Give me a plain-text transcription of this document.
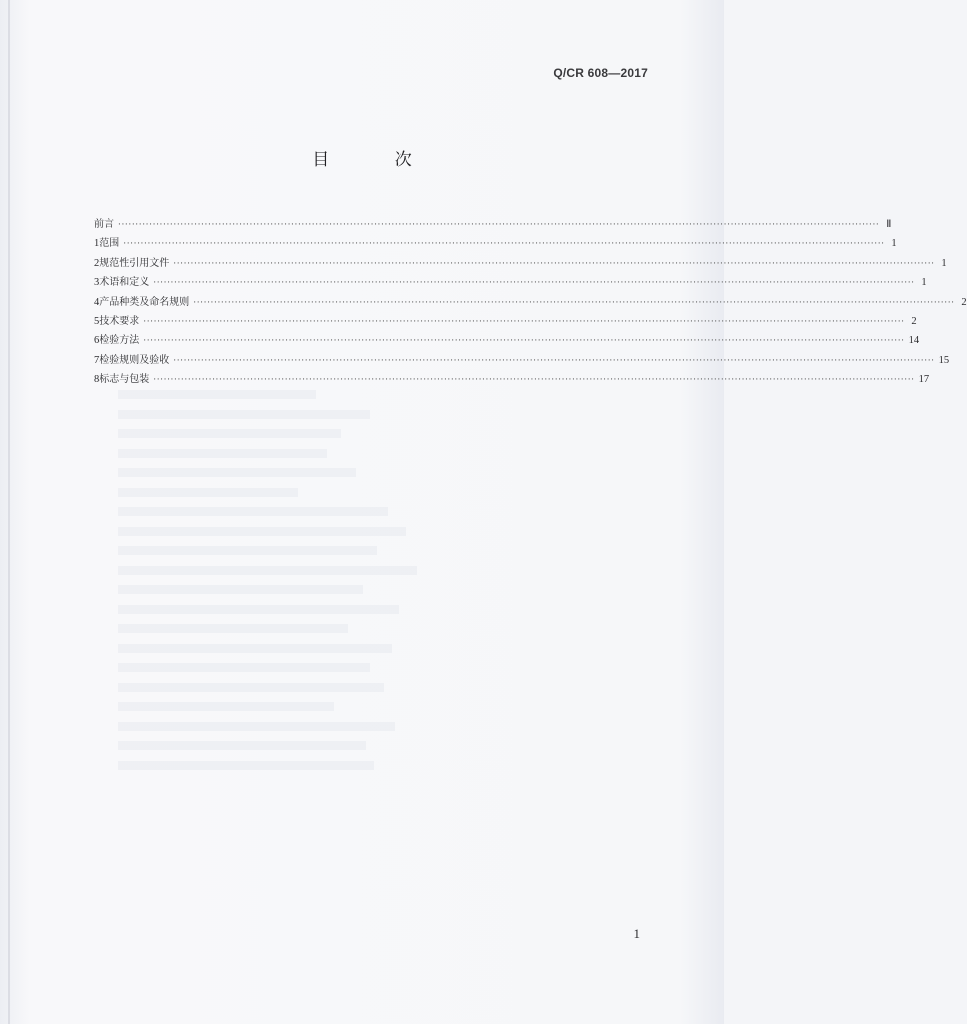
Q/CR 608—2017
目 次
前言 ···························································································································································································································· Ⅱ
1 范围 ···························································································································································································································· 1
2 规范性引用文件 ···························································································································································································································· 1
3 术语和定义 ···························································································································································································································· 1
4 产品种类及命名规则 ···························································································································································································································· 2
5 技术要求 ···························································································································································································································· 2
6 检验方法 ···························································································································································································································· 14
7 检验规则及验收 ···························································································································································································································· 15
8 标志与包装 ···························································································································································································································· 17
1
